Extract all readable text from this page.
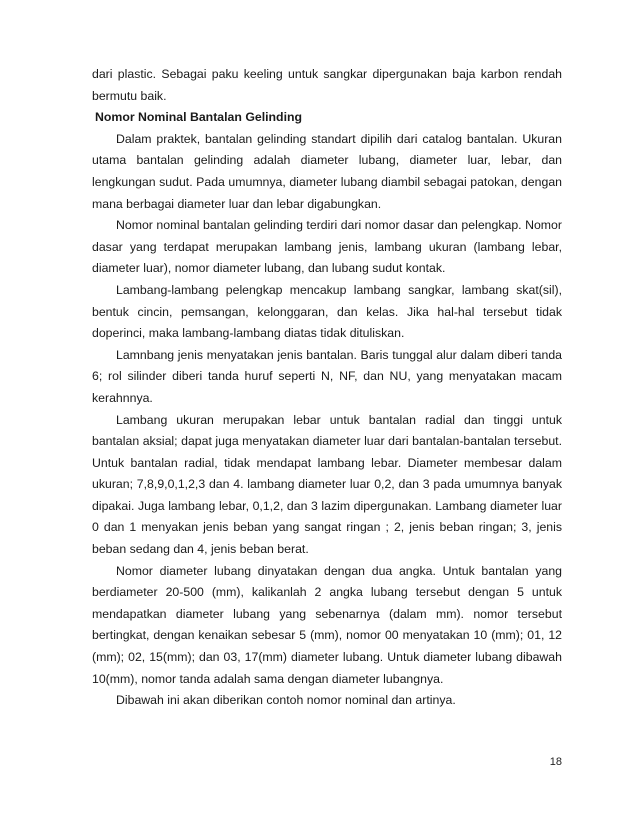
dari plastic. Sebagai paku keeling untuk sangkar dipergunakan baja karbon rendah bermutu baik.

Nomor Nominal Bantalan Gelinding

Dalam praktek, bantalan gelinding standart dipilih dari catalog bantalan. Ukuran utama bantalan gelinding adalah diameter lubang, diameter luar, lebar, dan lengkungan sudut. Pada umumnya, diameter lubang diambil sebagai patokan, dengan mana berbagai diameter luar dan lebar digabungkan.

Nomor nominal bantalan gelinding terdiri dari nomor dasar dan pelengkap. Nomor dasar yang terdapat merupakan lambang jenis, lambang ukuran (lambang lebar, diameter luar), nomor diameter lubang, dan lubang sudut kontak.

Lambang-lambang pelengkap mencakup lambang sangkar, lambang skat(sil), bentuk cincin, pemsangan, kelonggaran, dan kelas. Jika hal-hal tersebut tidak doperinci, maka lambang-lambang diatas tidak dituliskan.

Lamnbang jenis menyatakan jenis bantalan. Baris tunggal alur dalam diberi tanda 6; rol silinder diberi tanda huruf seperti N, NF, dan NU, yang menyatakan macam kerahnnya.

Lambang ukuran merupakan lebar untuk bantalan radial dan tinggi untuk bantalan aksial; dapat juga menyatakan diameter luar dari bantalan-bantalan tersebut. Untuk bantalan radial, tidak mendapat lambang lebar. Diameter membesar dalam ukuran; 7,8,9,0,1,2,3 dan 4. lambang diameter luar 0,2, dan 3 pada umumnya banyak dipakai. Juga lambang lebar, 0,1,2, dan 3 lazim dipergunakan. Lambang diameter luar 0 dan 1 menyakan jenis beban yang sangat ringan ; 2, jenis beban ringan; 3, jenis beban sedang dan 4, jenis beban berat.

Nomor diameter lubang dinyatakan dengan dua angka. Untuk bantalan yang berdiameter 20-500 (mm), kalikanlah 2 angka lubang tersebut dengan 5 untuk mendapatkan diameter lubang yang sebenarnya (dalam mm). nomor tersebut bertingkat, dengan kenaikan sebesar 5 (mm), nomor 00 menyatakan 10 (mm); 01, 12 (mm); 02, 15(mm); dan 03, 17(mm) diameter lubang. Untuk diameter lubang dibawah 10(mm), nomor tanda adalah sama dengan diameter lubangnya.

Dibawah ini akan diberikan contoh nomor nominal dan artinya.

18
